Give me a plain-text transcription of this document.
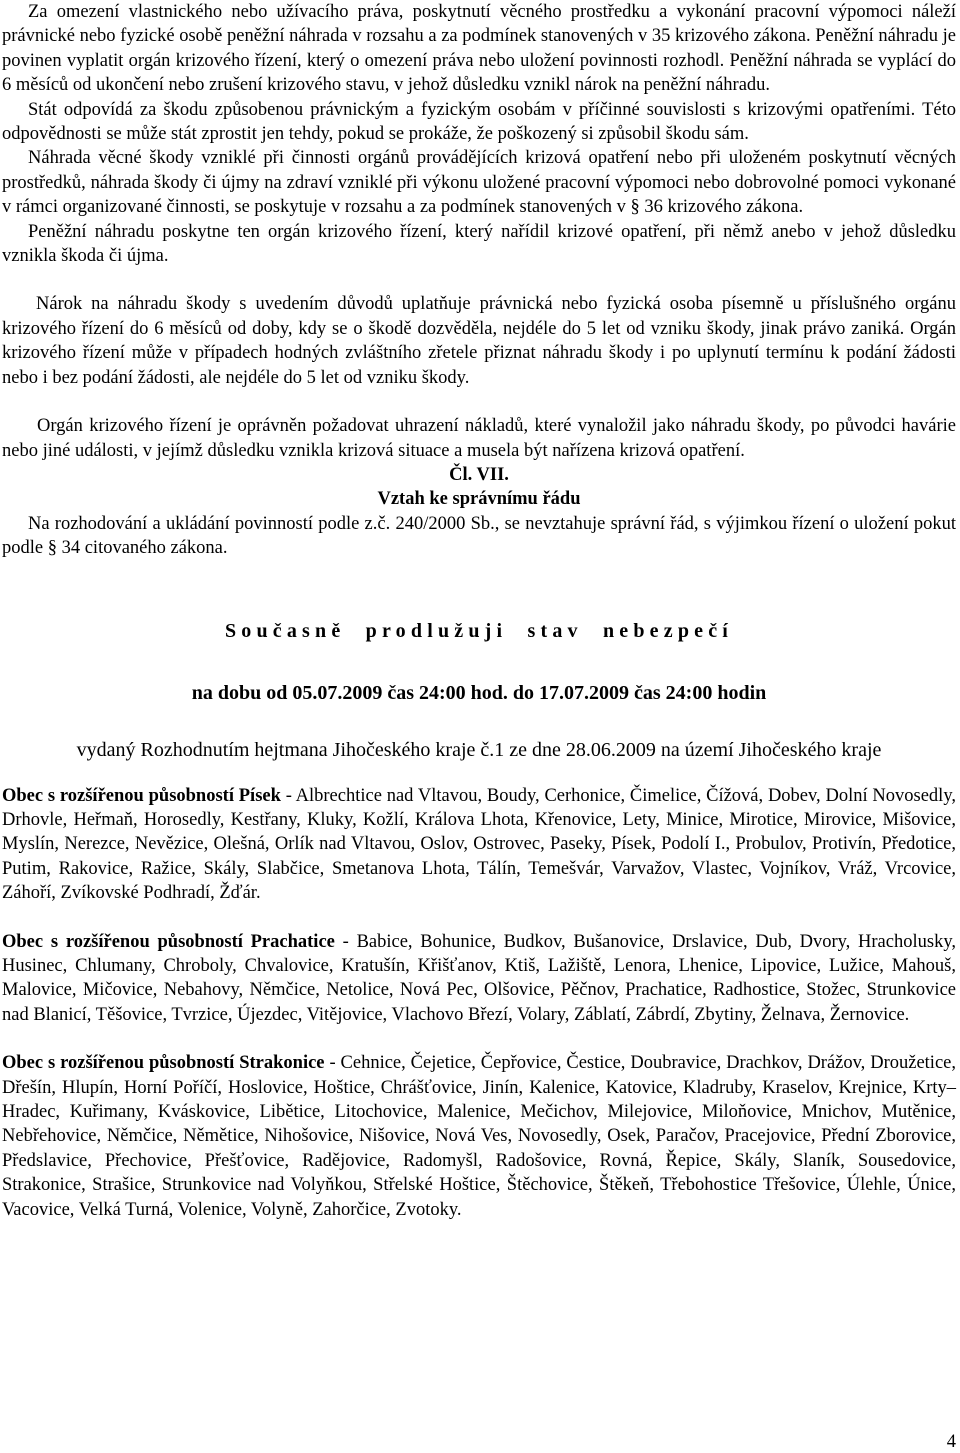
Za omezení vlastnického nebo užívacího práva, poskytnutí věcného prostředku a vykonání pracovní výpomoci náleží právnické nebo fyzické osobě peněžní náhrada v rozsahu a za podmínek stanovených v 35 krizového zákona. Peněžní náhradu je povinen vyplatit orgán krizového řízení, který o omezení práva nebo uložení povinnosti rozhodl. Peněžní náhrada se vyplácí do 6 měsíců od ukončení nebo zrušení krizového stavu, v jehož důsledku vznikl nárok na peněžní náhradu.

Stát odpovídá za škodu způsobenou právnickým a fyzickým osobám v příčinné souvislosti s krizovými opatřeními. Této odpovědnosti se může stát zprostit jen tehdy, pokud se prokáže, že poškozený si způsobil škodu sám.

Náhrada věcné škody vzniklé při činnosti orgánů provádějících krizová opatření nebo při uloženém poskytnutí věcných prostředků, náhrada škody či újmy na zdraví vzniklé při výkonu uložené pracovní výpomoci nebo dobrovolné pomoci vykonané v rámci organizované činnosti, se poskytuje v rozsahu a za podmínek stanovených v § 36 krizového zákona.

Peněžní náhradu poskytne ten orgán krizového řízení, který nařídil krizové opatření, při němž anebo v jehož důsledku vznikla škoda či újma.

Nárok na náhradu škody s uvedením důvodů uplatňuje právnická nebo fyzická osoba písemně u příslušného orgánu krizového řízení do 6 měsíců od doby, kdy se o škodě dozvěděla, nejdéle do 5 let od vzniku škody, jinak právo zaniká. Orgán krizového řízení může v případech hodných zvláštního zřetele přiznat náhradu škody i po uplynutí termínu k podání žádosti nebo i bez podání žádosti, ale nejdéle do 5 let od vzniku škody.

Orgán krizového řízení je oprávněn požadovat uhrazení nákladů, které vynaložil jako náhradu škody, po původci havárie nebo jiné události, v jejímž důsledku vznikla krizová situace a musela být nařízena krizová opatření.

Čl. VII.

Vztah ke správnímu řádu

Na rozhodování a ukládání povinností podle z.č. 240/2000 Sb., se nevztahuje správní řád, s výjimkou řízení o uložení pokut podle § 34 citovaného zákona.

Současně prodlužuji stav nebezpečí

na dobu od 05.07.2009 čas 24:00 hod. do 17.07.2009 čas 24:00 hodin

vydaný Rozhodnutím hejtmana Jihočeského kraje č.1 ze dne 28.06.2009 na území Jihočeského kraje

Obec s rozšířenou působností Písek - Albrechtice nad Vltavou, Boudy, Cerhonice, Čimelice, Čížová, Dobev, Dolní Novosedly, Drhovle, Heřmaň, Horosedly, Kestřany, Kluky, Kožlí, Králova Lhota, Křenovice, Lety, Minice, Mirotice, Mirovice, Mišovice, Myslín, Nerezce, Nevězice, Olešná, Orlík nad Vltavou, Oslov, Ostrovec, Paseky, Písek, Podolí I., Probulov, Protivín, Předotice, Putim, Rakovice, Ražice, Skály, Slabčice, Smetanova Lhota, Tálín, Temešvár, Varvažov, Vlastec, Vojníkov, Vráž, Vrcovice, Záhoří, Zvíkovské Podhradí, Žďár.

Obec s rozšířenou působností Prachatice - Babice, Bohunice, Budkov, Bušanovice, Drslavice, Dub, Dvory, Hracholusky, Husinec, Chlumany, Chroboly, Chvalovice, Kratušín, Křišťanov, Ktiš, Lažiště, Lenora, Lhenice, Lipovice, Lužice, Mahouš, Malovice, Mičovice, Nebahovy, Němčice, Netolice, Nová Pec, Olšovice, Pěčnov, Prachatice, Radhostice, Stožec, Strunkovice nad Blanicí, Těšovice, Tvrzice, Újezdec, Vitějovice, Vlachovo Březí, Volary, Záblatí, Zábrdí, Zbytiny, Želnava, Žernovice.

Obec s rozšířenou působností Strakonice - Cehnice, Čejetice, Čepřovice, Čestice, Doubravice, Drachkov, Drážov, Droužetice, Dřešín, Hlupín, Horní Poříčí, Hoslovice, Hoštice, Chrášťovice, Jinín, Kalenice, Katovice, Kladruby, Kraselov, Krejnice, Krty–Hradec, Kuřimany, Kváskovice, Libětice, Litochovice, Malenice, Mečichov, Milejovice, Miloňovice, Mnichov, Mutěnice, Nebřehovice, Němčice, Němětice, Nihošovice, Nišovice, Nová Ves, Novosedly, Osek, Paračov, Pracejovice, Přední Zborovice, Předslavice, Přechovice, Přešťovice, Radějovice, Radomyšl, Radošovice, Rovná, Řepice, Skály, Slaník, Sousedovice, Strakonice, Strašice, Strunkovice nad Volyňkou, Střelské Hoštice, Štěchovice, Štěkeň, Třebohostice Třešovice, Úlehle, Únice, Vacovice, Velká Turná, Volenice, Volyně, Zahorčice, Zvotoky.

4
